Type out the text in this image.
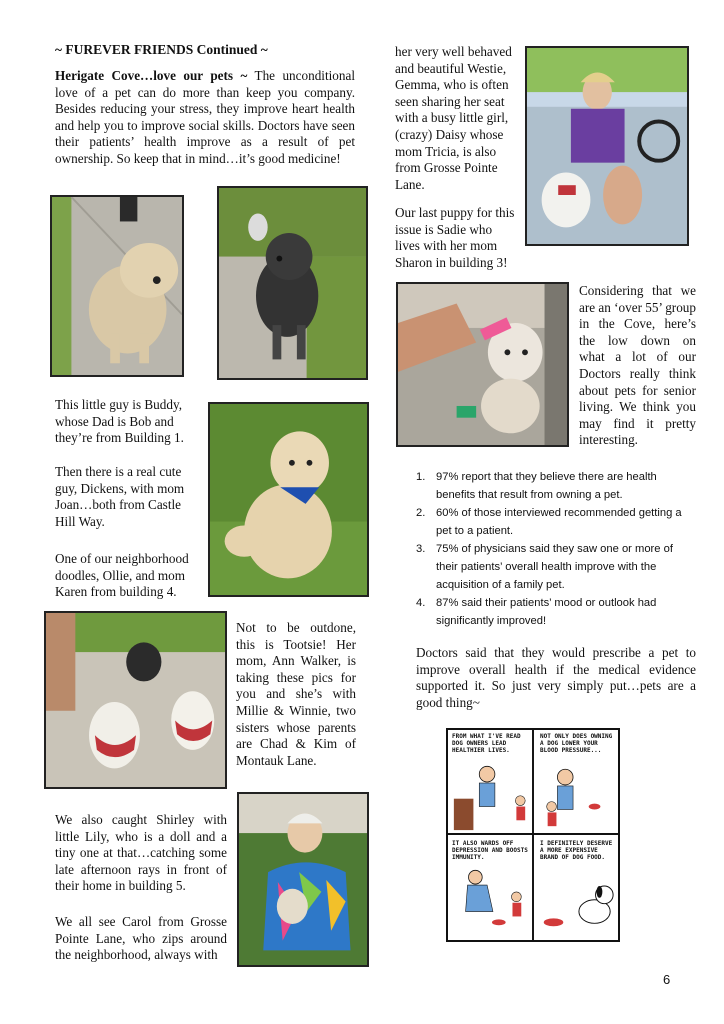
~ FUREVER FRIENDS Continued ~
Herigate Cove…love our pets ~ The unconditional love of a pet can do more than keep you company. Besides reducing your stress, they improve heart health and help you to improve social skills. Doctors have seen their patients’ health improve as a result of pet ownership. So keep that in mind…it’s good medicine!
This little guy is Buddy, whose Dad is Bob and they’re from Building 1.
Then there is a real cute guy, Dickens, with mom Joan…both from Castle Hill Way.
One of our neighborhood doodles, Ollie, and mom Karen from building 4.
Not to be outdone, this is Tootsie! Her mom, Ann Walker, is taking these pics for you and she’s with Millie & Winnie, two sisters whose parents are Chad & Kim of Montauk Lane.
We also caught Shirley with little Lily, who is a doll and a tiny one at that…catching some late afternoon rays in front of their home in building 5.
We all see Carol from Grosse Pointe Lane, who zips around the neighborhood, always with
her very well behaved and beautiful Westie, Gemma, who is often seen sharing her seat with a busy little girl, (crazy) Daisy whose mom Tricia, is also from Grosse Pointe Lane.
Our last puppy for this issue is Sadie who lives with her mom Sharon in building 3!
Considering that we are an ‘over 55’ group in the Cove, here’s the low down on what a lot of our Doctors really think about pets for senior living. We think you may find it pretty interesting.
1. 97% report that they believe there are health benefits that result from owning a pet.
2. 60% of those interviewed recommended getting a pet to a patient.
3. 75% of physicians said they saw one or more of their patients’ overall health improve with the acquisition of a family pet.
4. 87% said their patients’ mood or outlook had significantly improved!
Doctors said that they would prescribe a pet to improve overall health if the medical evidence supported it. So just very simply put…pets are a good thing~
FROM WHAT I'VE READ DOG OWNERS LEAD HEALTHIER LIVES.
NOT ONLY DOES OWNING A DOG LOWER YOUR BLOOD PRESSURE...
IT ALSO WARDS OFF DEPRESSION AND BOOSTS IMMUNITY.
I DEFINITELY DESERVE A MORE EXPENSIVE BRAND OF DOG FOOD.
6
